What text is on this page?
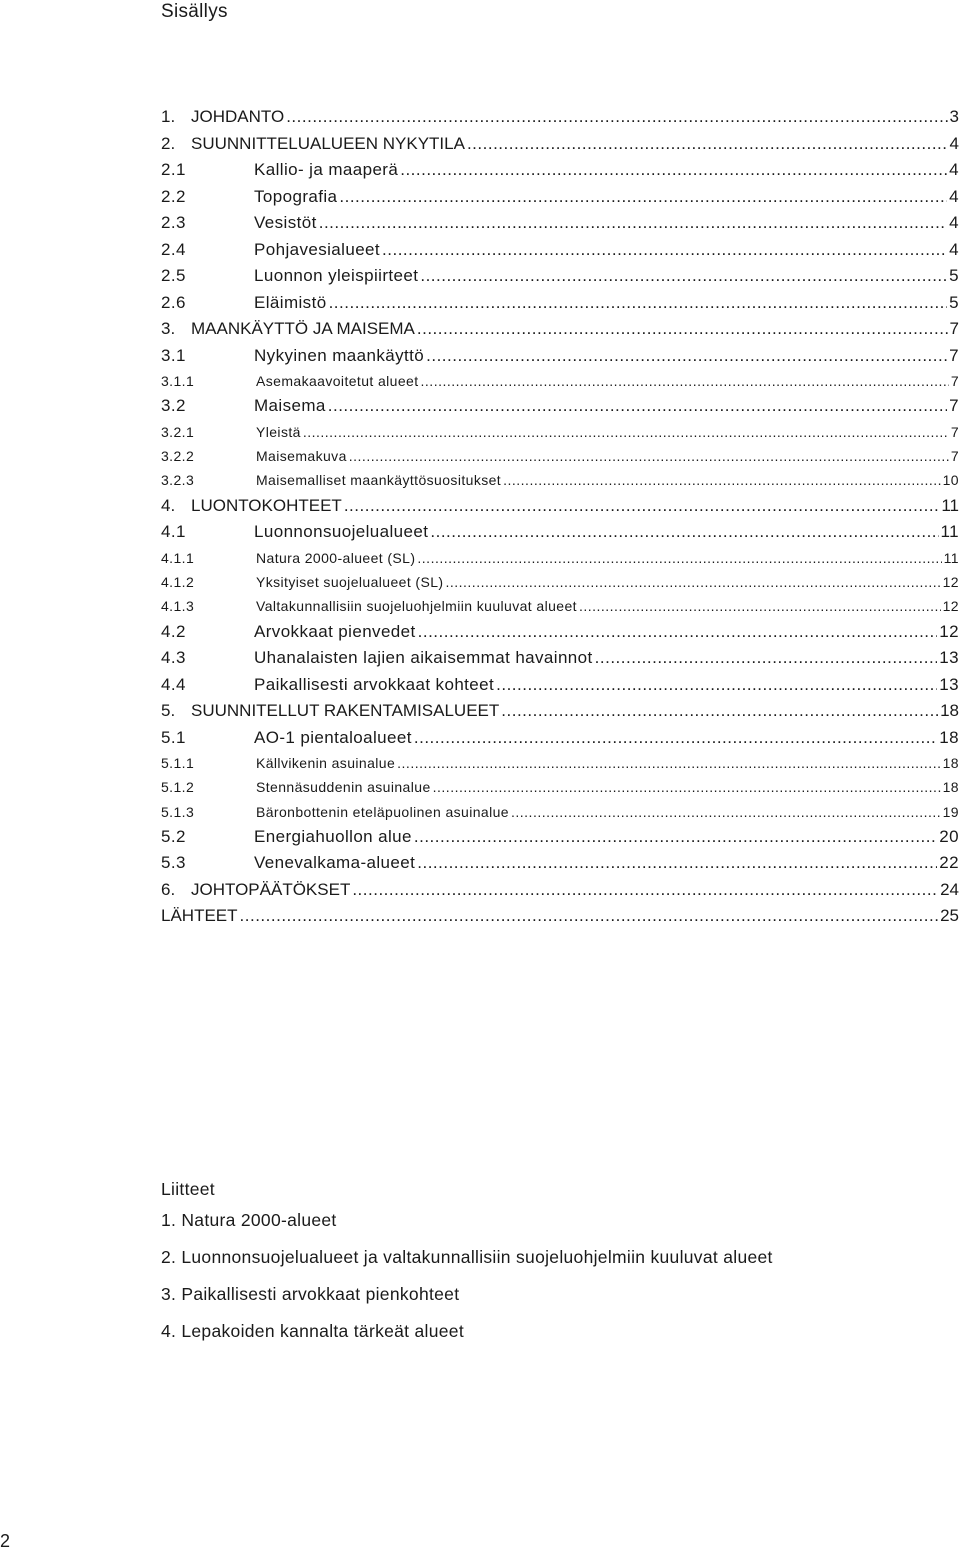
Sisällys
1. JOHDANTO .....	3
2. SUUNNITTELUALUEEN NYKYTILA .....	4
2.1	Kallio- ja maaperä .....	4
2.2	Topografia .....	4
2.3	Vesistöt .....	4
2.4	Pohjavesialueet .....	4
2.5	Luonnon yleispiirteet .....	5
2.6	Eläimistö .....	5
3. MAANKÄYTTÖ JA MAISEMA .....	7
3.1	Nykyinen maankäyttö .....	7
3.1.1	Asemakaavoitetut alueet .....	7
3.2	Maisema .....	7
3.2.1	Yleistä .....	7
3.2.2	Maisemakuva .....	7
3.2.3	Maisemalliset maankäyttösuositukset .....	10
4. LUONTOKOHTEET .....	11
4.1	Luonnonsuojelualueet .....	11
4.1.1	Natura 2000-alueet (SL) .....	11
4.1.2	Yksityiset suojelualueet (SL) .....	12
4.1.3	Valtakunnallisiin suojeluohjelmiin kuuluvat alueet .....	12
4.2	Arvokkaat pienvedet .....	12
4.3	Uhanalaisten lajien aikaisemmat havainnot .....	13
4.4	Paikallisesti arvokkaat kohteet .....	13
5. SUUNNITELLUT RAKENTAMISALUEET .....	18
5.1	AO-1 pientaloalueet .....	18
5.1.1	Källvikenin asuinalue .....	18
5.1.2	Stennäsuddenin asuinalue .....	18
5.1.3	Bäronbottenin eteläpuolinen asuinalue .....	19
5.2	Energiahuollon alue .....	20
5.3	Venevalkama-alueet .....	22
6. JOHTOPÄÄTÖKSET .....	24
LÄHTEET .....	25
Liitteet
1. Natura 2000-alueet
2. Luonnonsuojelualueet ja valtakunnallisiin suojeluohjelmiin kuuluvat alueet
3. Paikallisesti arvokkaat pienkohteet
4. Lepakoiden kannalta tärkeät alueet
2
